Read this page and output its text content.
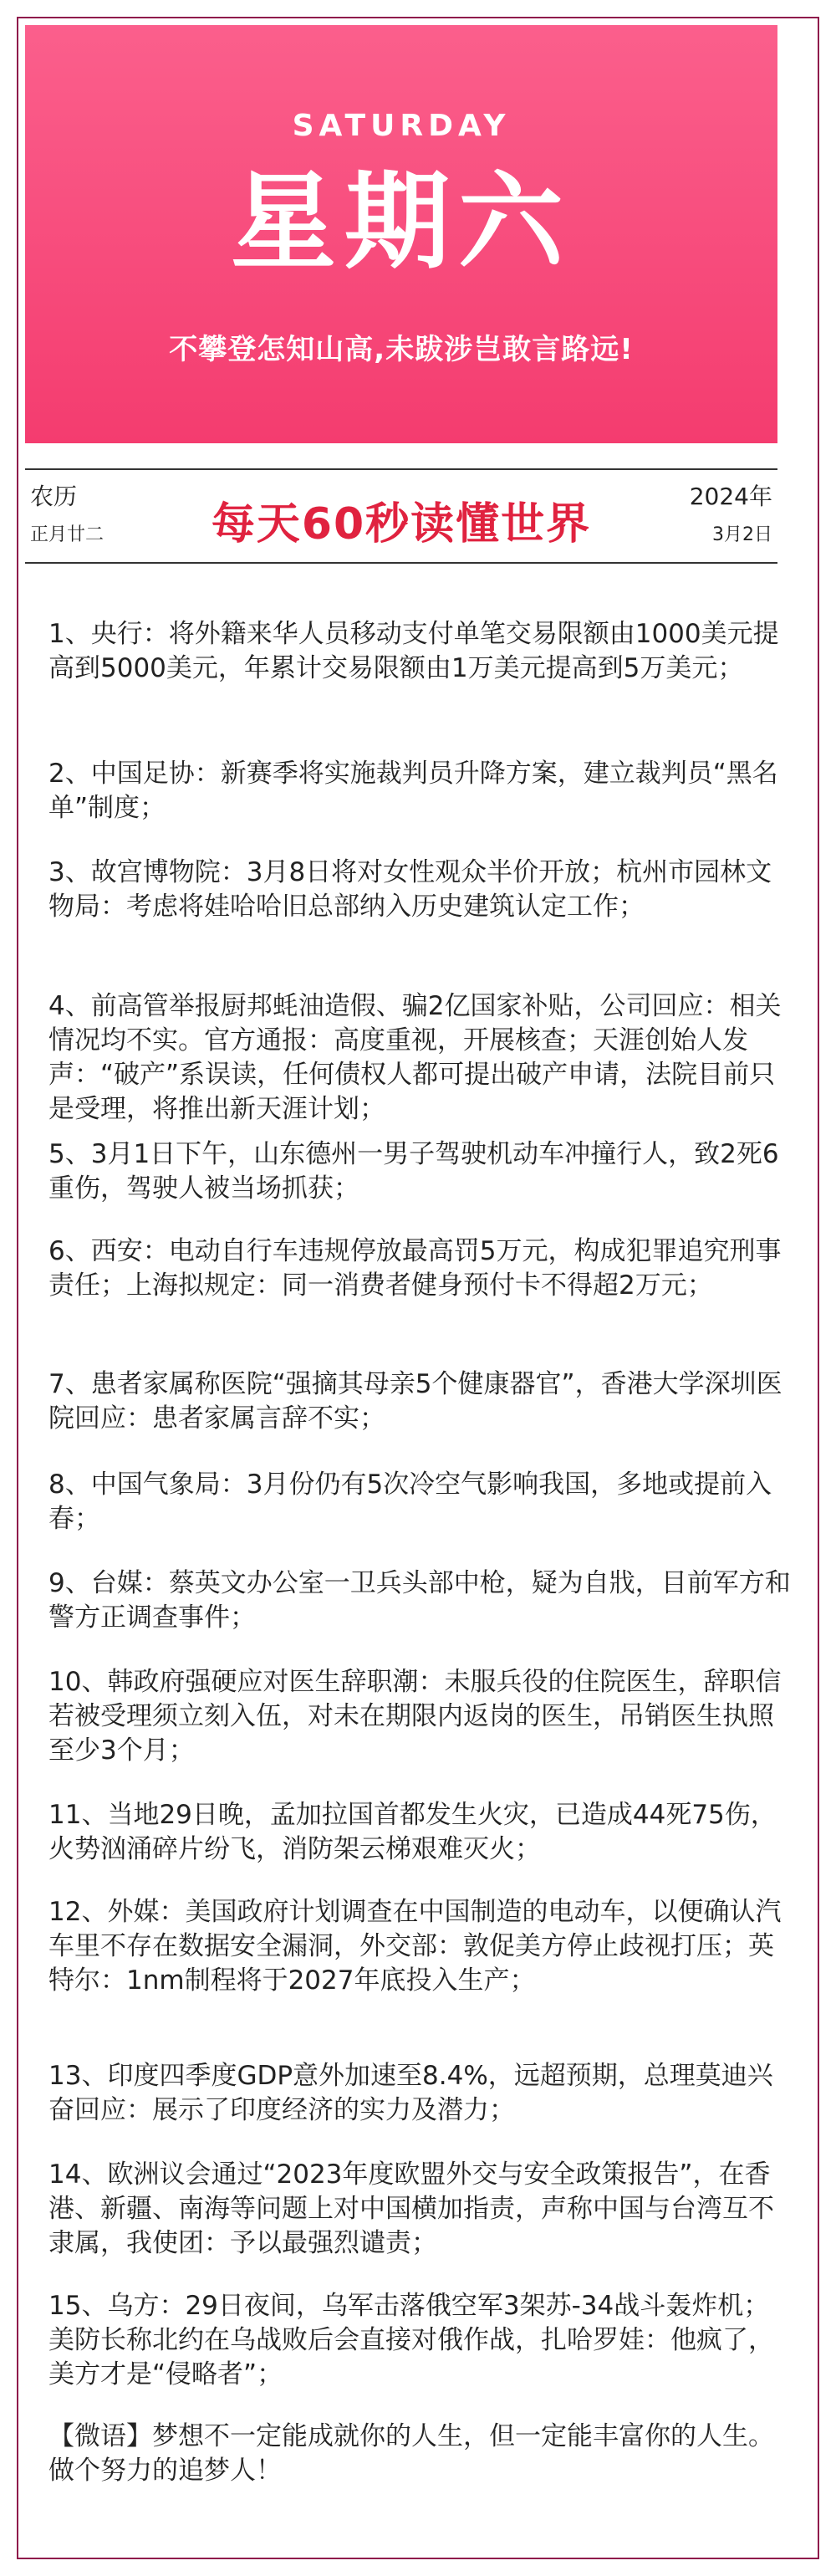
SATURDAY
星期六
不攀登怎知山高,未跋涉岂敢言路远!
农历
正月廿二	每天60秒读懂世界
2024年
3月2日

1、央行：将外籍来华人员移动支付单笔交易限额由1000美元提高到5000美元，年累计交易限额由1万美元提高到5万美元；

2、中国足协：新赛季将实施裁判员升降方案，建立裁判员“黑名单”制度；

3、故宫博物院：3月8日将对女性观众半价开放；杭州市园林文物局：考虑将娃哈哈旧总部纳入历史建筑认定工作；

4、前高管举报厨邦蚝油造假、骗2亿国家补贴，公司回应：相关情况均不实。官方通报：高度重视，开展核查；天涯创始人发声：“破产”系误读，任何债权人都可提出破产申请，法院目前只是受理，将推出新天涯计划；

5、3月1日下午，山东德州一男子驾驶机动车冲撞行人，致2死6重伤，驾驶人被当场抓获；

6、西安：电动自行车违规停放最高罚5万元，构成犯罪追究刑事责任；上海拟规定：同一消费者健身预付卡不得超2万元；

7、患者家属称医院“强摘其母亲5个健康器官”，香港大学深圳医院回应：患者家属言辞不实；

8、中国气象局：3月份仍有5次冷空气影响我国，多地或提前入春；

9、台媒：蔡英文办公室一卫兵头部中枪，疑为自戕，目前军方和警方正调查事件；

10、韩政府强硬应对医生辞职潮：未服兵役的住院医生，辞职信若被受理须立刻入伍，对未在期限内返岗的医生，吊销医生执照至少3个月；

11、当地29日晚，孟加拉国首都发生火灾，已造成44死75伤，火势汹涌碎片纷飞，消防架云梯艰难灭火；

12、外媒：美国政府计划调查在中国制造的电动车，以便确认汽车里不存在数据安全漏洞，外交部：敦促美方停止歧视打压；英特尔：1nm制程将于2027年底投入生产；

13、印度四季度GDP意外加速至8.4%，远超预期，总理莫迪兴奋回应：展示了印度经济的实力及潜力；

14、欧洲议会通过“2023年度欧盟外交与安全政策报告”，在香港、新疆、南海等问题上对中国横加指责，声称中国与台湾互不隶属，我使团：予以最强烈谴责；

15、乌方：29日夜间，乌军击落俄空军3架苏-34战斗轰炸机；美防长称北约在乌战败后会直接对俄作战，扎哈罗娃：他疯了，美方才是“侵略者”；

【微语】梦想不一定能成就你的人生，但一定能丰富你的人生。做个努力的追梦人！
